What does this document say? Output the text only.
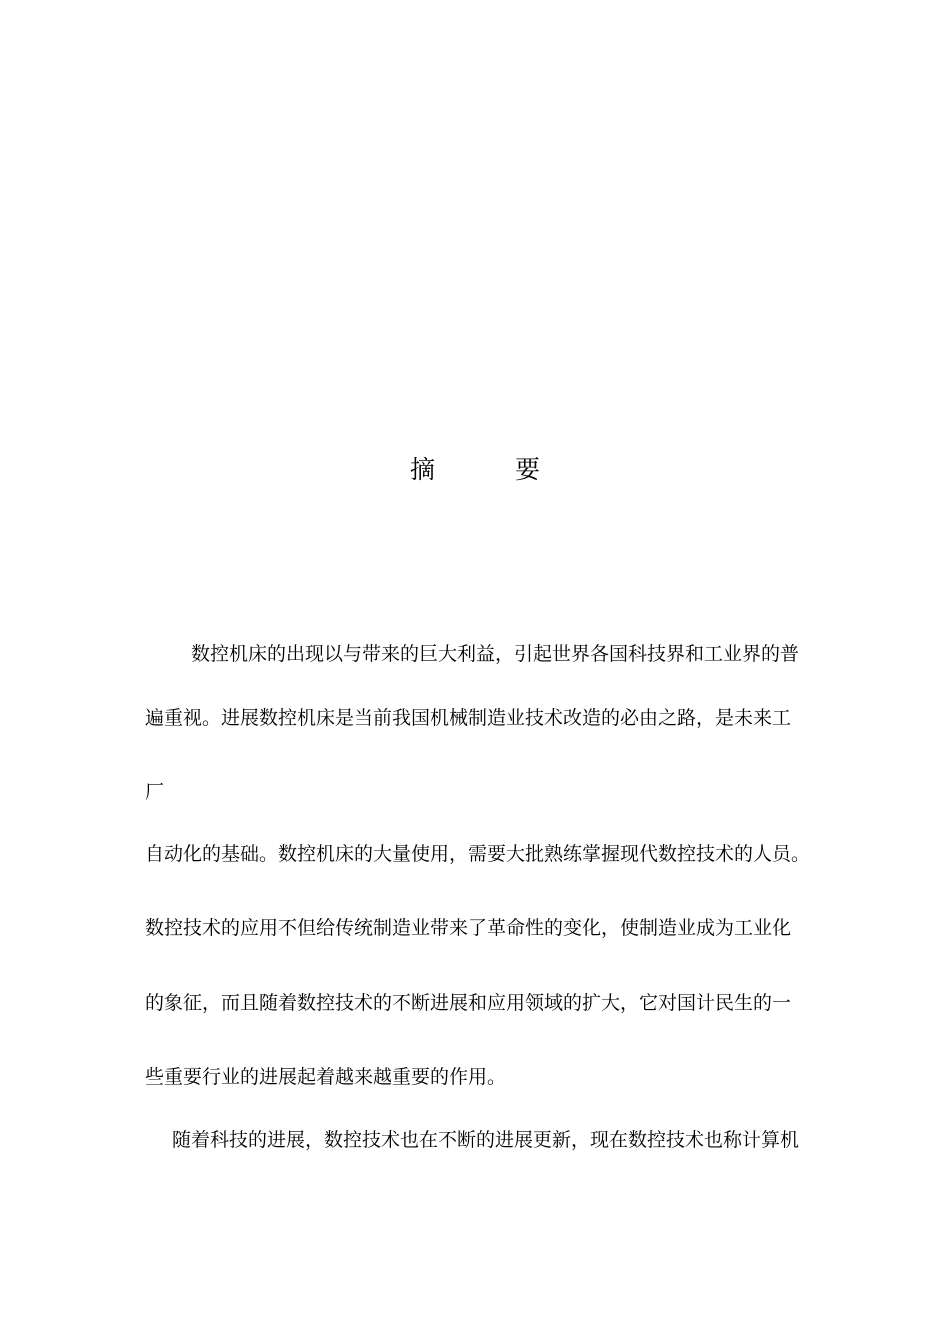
摘 要
数控机床的出现以与带来的巨大利益，引起世界各国科技界和工业界的普
遍重视。进展数控机床是当前我国机械制造业技术改造的必由之路，是未来工
厂
自动化的基础。数控机床的大量使用，需要大批熟练掌握现代数控技术的人员。
数控技术的应用不但给传统制造业带来了革命性的变化，使制造业成为工业化
的象征，而且随着数控技术的不断进展和应用领域的扩大，它对国计民生的一
些重要行业的进展起着越来越重要的作用。
随着科技的进展，数控技术也在不断的进展更新，现在数控技术也称计算机
